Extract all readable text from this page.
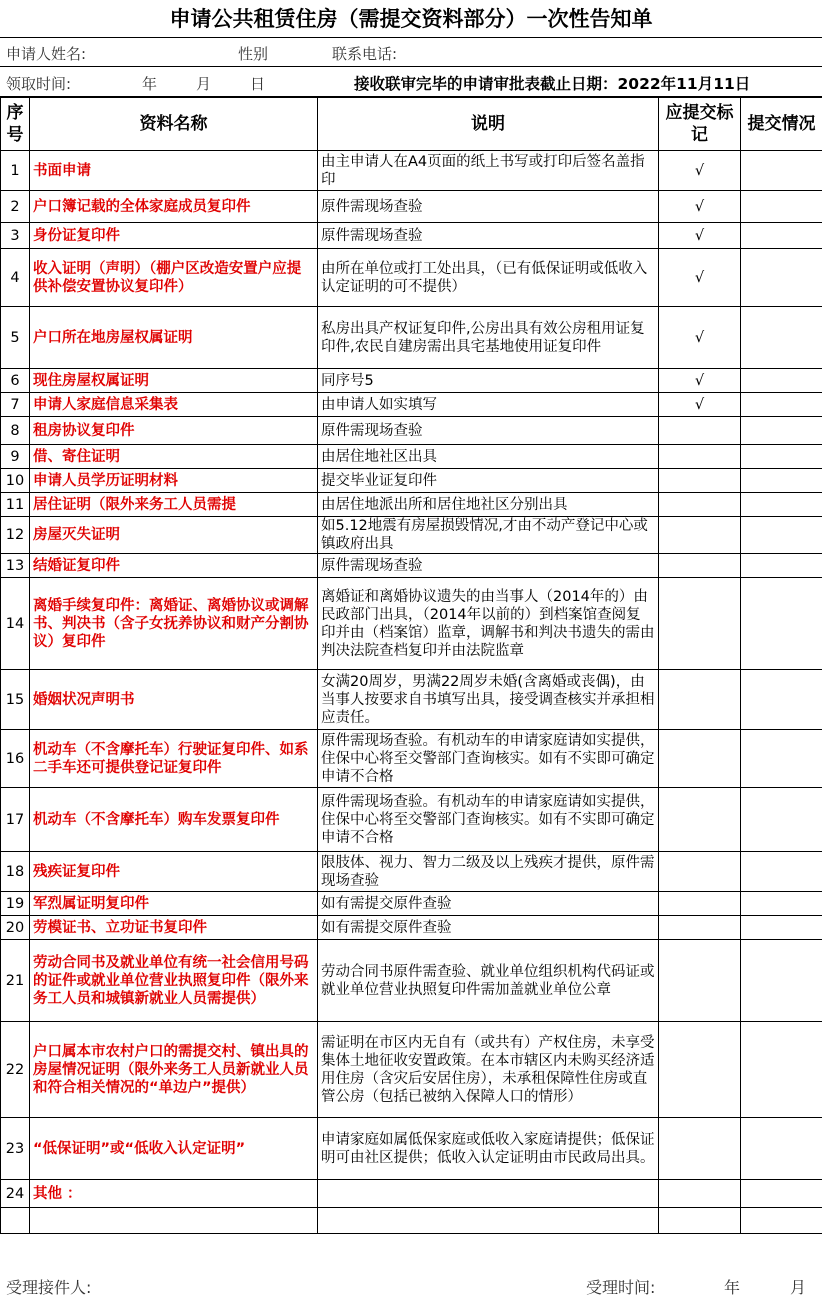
申请公共租赁住房（需提交资料部分）一次性告知单
申请人姓名:	性别	联系电话:
领取时间:	年	月	日	接收联审完毕的申请审批表截止日期：2022年11月11日
序号	资料名称	说明	应提交标记	提交情况
1	书面申请	由主申请人在A4页面的纸上书写或打印后签名盖指印	√	
2	户口簿记载的全体家庭成员复印件	原件需现场查验	√	
3	身份证复印件	原件需现场查验	√	
4	收入证明（声明）（棚户区改造安置户应提供补偿安置协议复印件）	由所在单位或打工处出具，（已有低保证明或低收入认定证明的可不提供）	√	
5	户口所在地房屋权属证明	私房出具产权证复印件,公房出具有效公房租用证复印件,农民自建房需出具宅基地使用证复印件	√	
6	现住房屋权属证明	同序号5	√	
7	申请人家庭信息采集表	由申请人如实填写	√	
8	租房协议复印件	原件需现场查验		
9	借、寄住证明	由居住地社区出具		
10	申请人员学历证明材料	提交毕业证复印件		
11	居住证明（限外来务工人员需提	由居住地派出所和居住地社区分别出具		
12	房屋灭失证明	如5.12地震有房屋损毁情况,才由不动产登记中心或镇政府出具		
13	结婚证复印件	原件需现场查验		
14	离婚手续复印件：离婚证、离婚协议或调解书、判决书（含子女抚养协议和财产分割协议）复印件	离婚证和离婚协议遗失的由当事人（2014年的）由民政部门出具，（2014年以前的）到档案馆查阅复印并由（档案馆）监章，调解书和判决书遗失的需由判决法院查档复印并由法院监章		
15	婚姻状况声明书	女满20周岁，男满22周岁未婚(含离婚或丧偶)，由当事人按要求自书填写出具，接受调查核实并承担相应责任。		
16	机动车（不含摩托车）行驶证复印件、如系二手车还可提供登记证复印件	原件需现场查验。有机动车的申请家庭请如实提供，住保中心将至交警部门查询核实。如有不实即可确定申请不合格		
17	机动车（不含摩托车）购车发票复印件	原件需现场查验。有机动车的申请家庭请如实提供，住保中心将至交警部门查询核实。如有不实即可确定申请不合格		
18	残疾证复印件	限肢体、视力、智力二级及以上残疾才提供，原件需现场查验		
19	军烈属证明复印件	如有需提交原件查验		
20	劳模证书、立功证书复印件	如有需提交原件查验		
21	劳动合同书及就业单位有统一社会信用号码的证件或就业单位营业执照复印件（限外来务工人员和城镇新就业人员需提供）	劳动合同书原件需查验、就业单位组织机构代码证或就业单位营业执照复印件需加盖就业单位公章		
22	户口属本市农村户口的需提交村、镇出具的房屋情况证明（限外来务工人员新就业人员和符合相关情况的“单边户”提供）	需证明在市区内无自有（或共有）产权住房，未享受集体土地征收安置政策。在本市辖区内未购买经济适用住房（含灾后安居住房），未承租保障性住房或直管公房（包括已被纳入保障人口的情形）		
23	“低保证明”或“低收入认定证明”	申请家庭如属低保家庭或低收入家庭请提供；低保证明可由社区提供；低收入认定证明由市民政局出具。		
24	其他 ：			

受理接件人:	受理时间:	年	月
